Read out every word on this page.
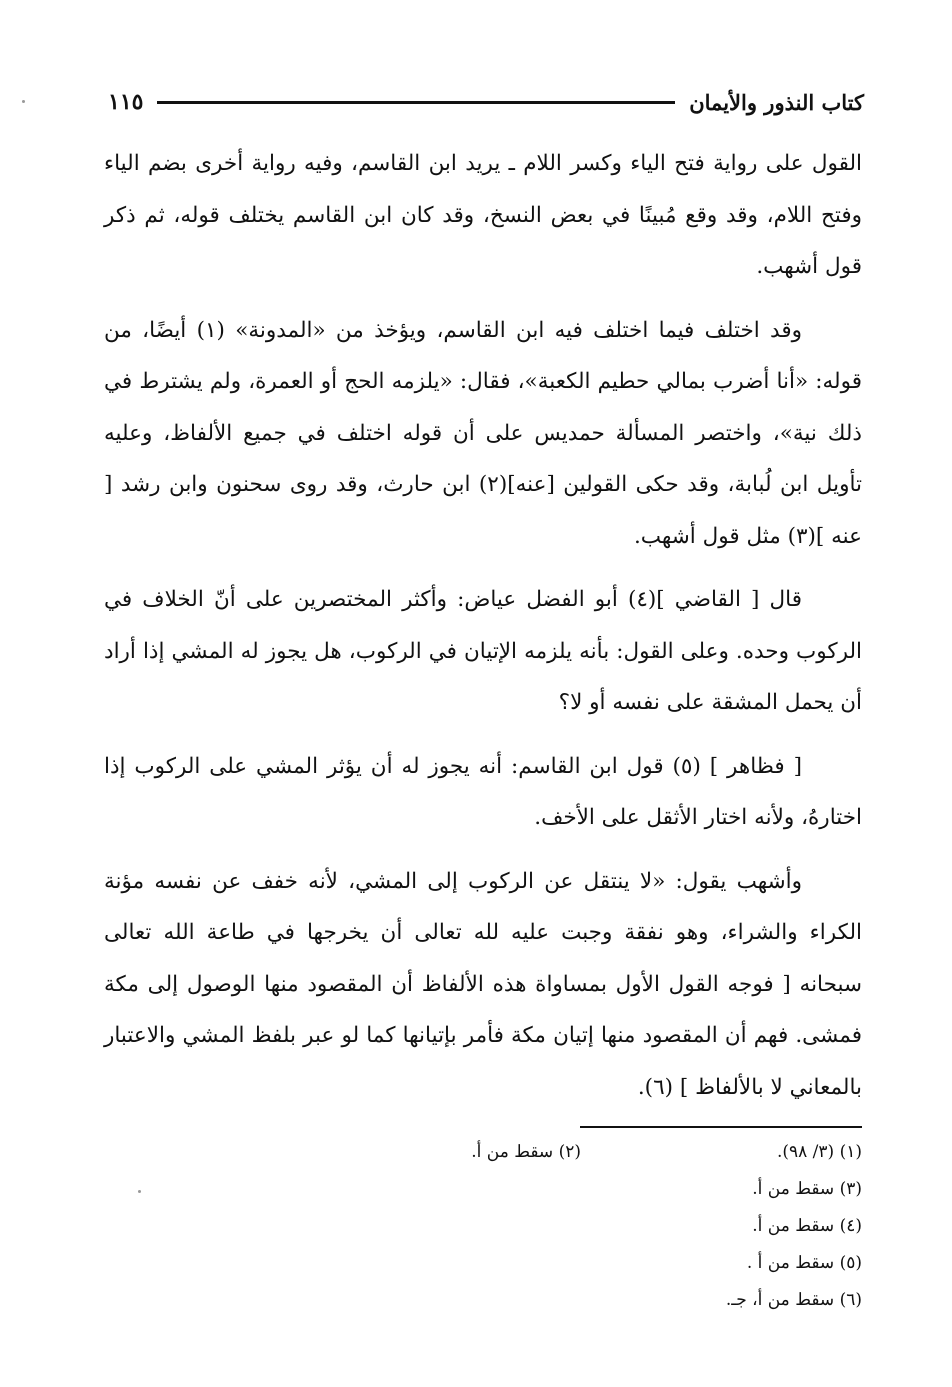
كتاب النذور والأيمان
١١٥

القول على رواية فتح الياء وكسر اللام ـ يريد ابن القاسم، وفيه رواية أخرى بضم الياء وفتح اللام، وقد وقع مُبينًا في بعض النسخ، وقد كان ابن القاسم يختلف قوله، ثم ذكر قول أشهب.

وقد اختلف فيما اختلف فيه ابن القاسم، ويؤخذ من «المدونة» (١) أيضًا، من قوله: «أنا أضرب بمالي حطيم الكعبة»، فقال: «يلزمه الحج أو العمرة، ولم يشترط في ذلك نية»، واختصر المسألة حمديس على أن قوله اختلف في جميع الألفاظ، وعليه تأويل ابن لُبابة، وقد حكى القولين [عنه](٢) ابن حارث، وقد روى سحنون وابن رشد [ عنه ](٣) مثل قول أشهب.

قال [ القاضي ](٤) أبو الفضل عياض: وأكثر المختصرين على أنّ الخلاف في الركوب وحده. وعلى القول: بأنه يلزمه الإتيان في الركوب، هل يجوز له المشي إذا أراد أن يحمل المشقة على نفسه أو لا؟

[ فظاهر ] (٥) قول ابن القاسم: أنه يجوز له أن يؤثر المشي على الركوب إذا اختارهُ، ولأنه اختار الأثقل على الأخف.

وأشهب يقول: «لا ينتقل عن الركوب إلى المشي، لأنه خفف عن نفسه مؤنة الكراء والشراء، وهو نفقة وجبت عليه لله تعالى أن يخرجها في طاعة الله تعالى سبحانه [ فوجه القول الأول بمساواة هذه الألفاظ أن المقصود منها الوصول إلى مكة فمشى. فهم أن المقصود منها إتيان مكة فأمر بإتيانها كما لو عبر بلفظ المشي والاعتبار بالمعاني لا بالألفاظ ] (٦).

(١) (٣/ ٩٨).
(٢) سقط من أ.
(٣) سقط من أ.
(٤) سقط من أ.
(٥) سقط من أ .
(٦) سقط من أ، جـ.
